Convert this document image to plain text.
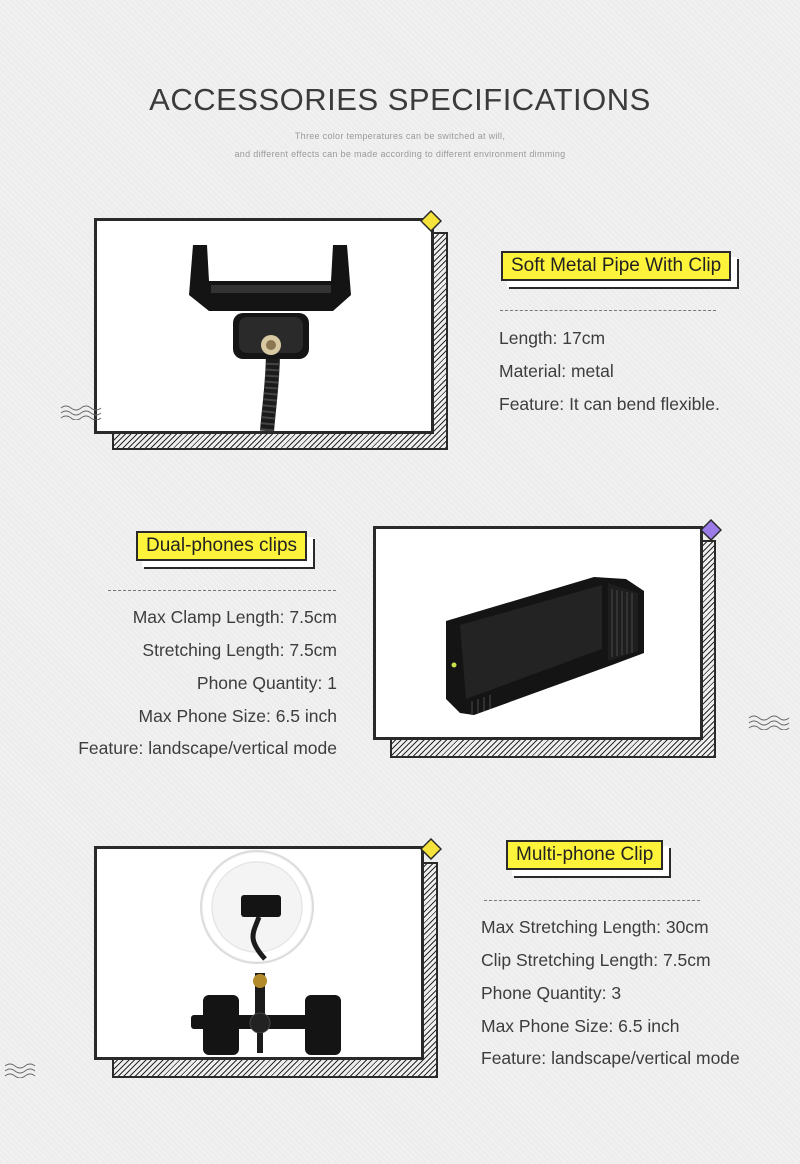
ACCESSORIES SPECIFICATIONS
Three color temperatures can be switched at will,
and different effects can be made according to different environment dimming
Soft Metal Pipe With Clip
Length: 17cm
Material: metal
Feature: It can bend flexible.
Dual-phones clips
Max Clamp Length: 7.5cm
Stretching Length: 7.5cm
Phone Quantity: 1
Max Phone Size: 6.5 inch
Feature: landscape/vertical mode
Multi-phone Clip
Max Stretching Length: 30cm
Clip Stretching Length: 7.5cm
Phone Quantity: 3
Max Phone Size: 6.5 inch
Feature: landscape/vertical mode
